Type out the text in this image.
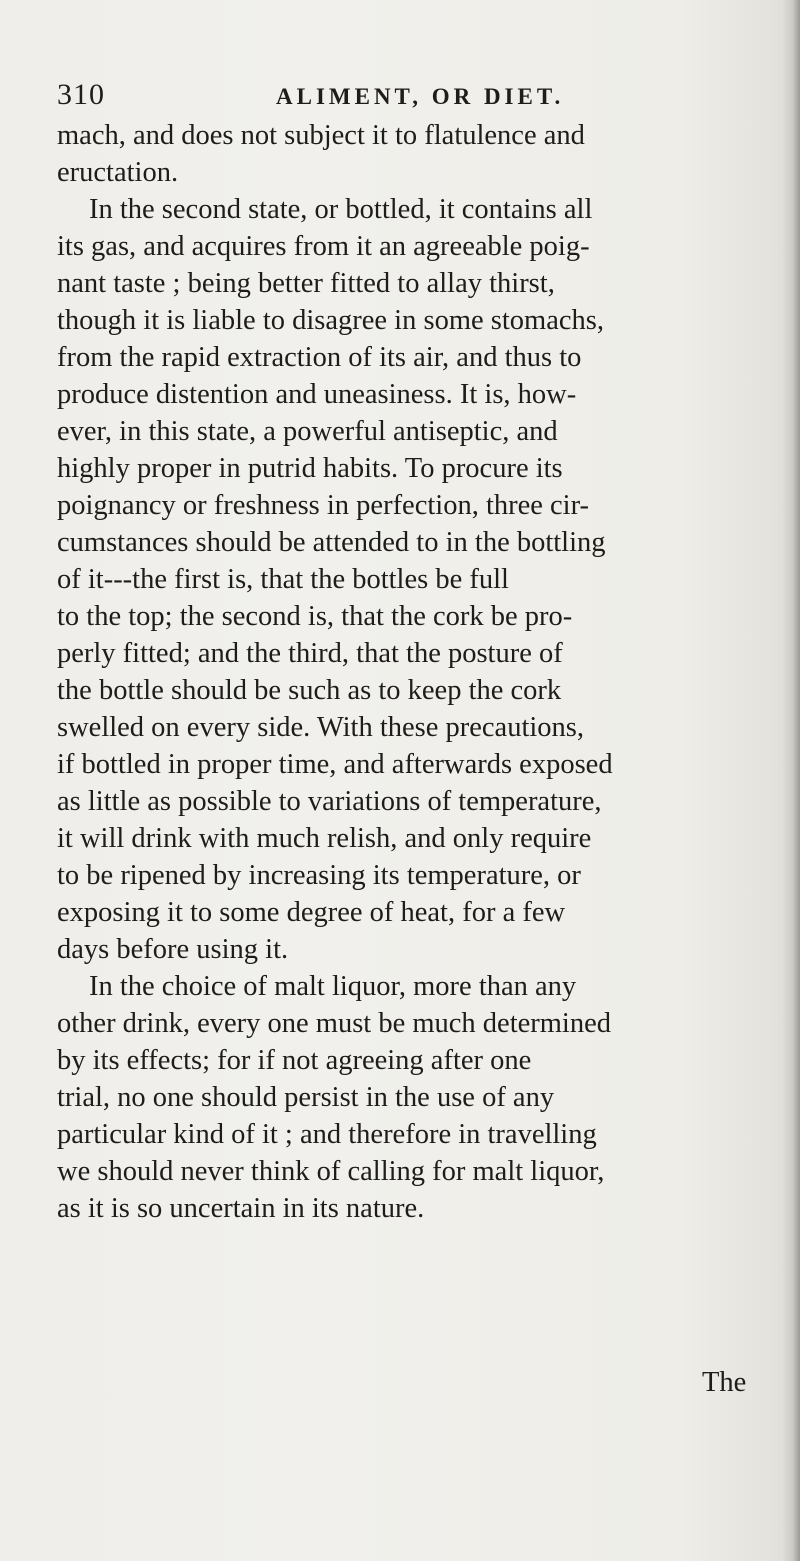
310	ALIMENT, OR DIET.
mach, and does not subject it to flatulence and
eructation.
In the second state, or bottled, it contains all
its gas, and acquires from it an agreeable poig-
nant taste ; being better fitted to allay thirst,
though it is liable to disagree in some stomachs,
from the rapid extraction of its air, and thus to
produce distention and uneasiness. It is, how-
ever, in this state, a powerful antiseptic, and
highly proper in putrid habits. To procure its
poignancy or freshness in perfection, three cir-
cumstances should be attended to in the bottling
of it---the first is, that the bottles be full
to the top; the second is, that the cork be pro-
perly fitted; and the third, that the posture of
the bottle should be such as to keep the cork
swelled on every side. With these precautions,
if bottled in proper time, and afterwards exposed
as little as possible to variations of temperature,
it will drink with much relish, and only require
to be ripened by increasing its temperature, or
exposing it to some degree of heat, for a few
days before using it.
In the choice of malt liquor, more than any
other drink, every one must be much determined
by its effects; for if not agreeing after one
trial, no one should persist in the use of any
particular kind of it ; and therefore in travelling
we should never think of calling for malt liquor,
as it is so uncertain in its nature.
The
